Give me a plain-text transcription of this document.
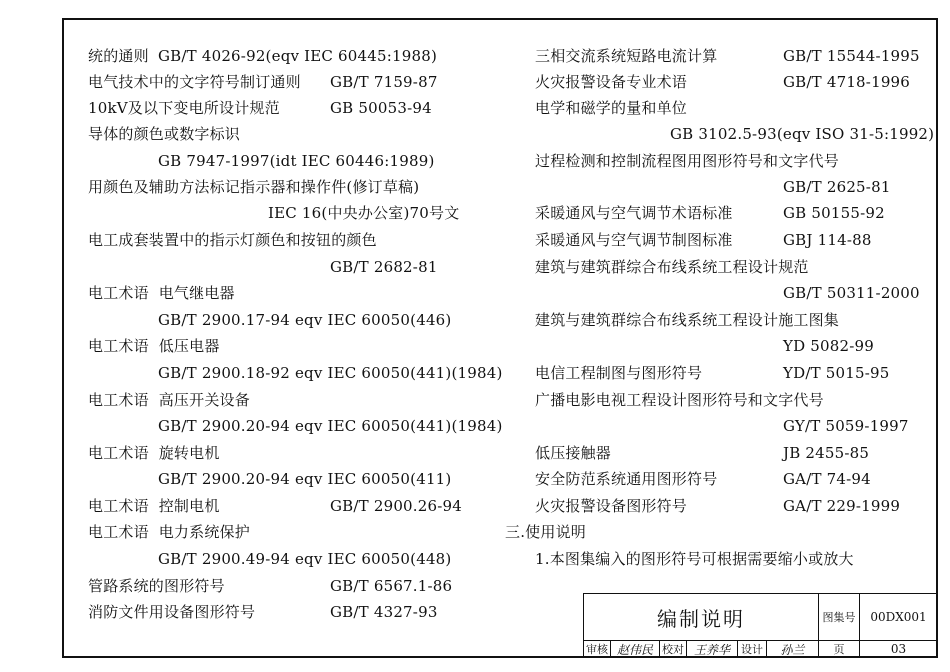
统的通则 GB/T 4026-92(eqv IEC 60445:1988)
电气技术中的文字符号制订通则 GB/T 7159-87
10kV及以下变电所设计规范	GB 50053-94
导体的颜色或数字标识
GB 7947-1997(idt IEC 60446:1989)
用颜色及辅助方法标记指示器和操作件(修订草稿)
IEC 16(中央办公室)70号文
电工成套装置中的指示灯颜色和按钮的颜色
GB/T 2682-81
电工术语  电气继电器
GB/T 2900.17-94 eqv IEC 60050(446)
电工术语  低压电器
GB/T 2900.18-92 eqv IEC 60050(441)(1984)
电工术语  高压开关设备
GB/T 2900.20-94 eqv IEC 60050(441)(1984)
电工术语  旋转电机
GB/T 2900.20-94 eqv IEC 60050(411)
电工术语  控制电机	GB/T 2900.26-94
电工术语  电力系统保护
GB/T 2900.49-94 eqv IEC 60050(448)
管路系统的图形符号	GB/T 6567.1-86
消防文件用设备图形符号	GB/T 4327-93
三相交流系统短路电流计算	GB/T 15544-1995
火灾报警设备专业术语	GB/T 4718-1996
电学和磁学的量和单位
GB 3102.5-93(eqv ISO 31-5:1992)
过程检测和控制流程图用图形符号和文字代号
GB/T 2625-81
采暖通风与空气调节术语标准	GB 50155-92
采暖通风与空气调节制图标准	GBJ 114-88
建筑与建筑群综合布线系统工程设计规范
GB/T 50311-2000
建筑与建筑群综合布线系统工程设计施工图集
YD 5082-99
电信工程制图与图形符号	YD/T 5015-95
广播电影电视工程设计图形符号和文字代号
GY/T 5059-1997
低压接触器	JB 2455-85
安全防范系统通用图形符号	GA/T 74-94
火灾报警设备图形符号	GA/T 229-1999
三.使用说明
1.本图集编入的图形符号可根据需要缩小或放大
编制说明	图集号	00DX001
审核 赵伟民 校对 王养华	设计	孙兰	页	03
